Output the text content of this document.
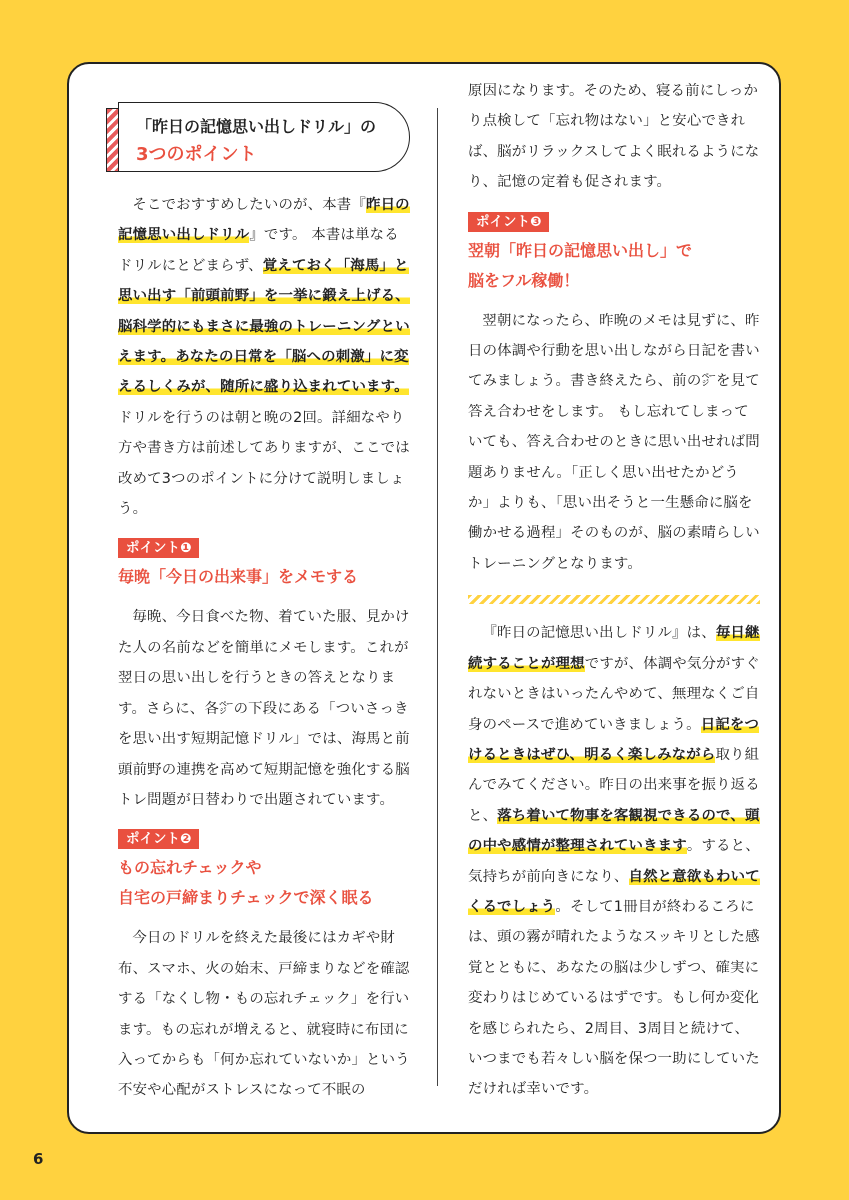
「昨日の記憶思い出しドリル」の
3つのポイント

そこでおすすめしたいのが、本書『昨日の記憶思い出しドリル』です。 本書は単なるドリルにとどまらず、覚えておく「海馬」と思い出す「前頭前野」を一挙に鍛え上げる、脳科学的にもまさに最強のトレーニングといえます。あなたの日常を「脳への刺激」に変えるしくみが、随所に盛り込まれています。ドリルを行うのは朝と晩の2回。詳細なやり方や書き方は前述してありますが、ここでは改めて3つのポイントに分けて説明しましょう。

ポイント❶
毎晩「今日の出来事」をメモする

毎晩、今日食べた物、着ていた服、見かけた人の名前などを簡単にメモします。これが翌日の思い出しを行うときの答えとなります。さらに、各㌻の下段にある「ついさっきを思い出す短期記憶ドリル」では、海馬と前頭前野の連携を高めて短期記憶を強化する脳トレ問題が日替わりで出題されています。

ポイント❷
もの忘れチェックや
自宅の戸締まりチェックで深く眠る

今日のドリルを終えた最後にはカギや財布、スマホ、火の始末、戸締まりなどを確認する「なくし物・もの忘れチェック」を行います。もの忘れが増えると、就寝時に布団に入ってからも「何か忘れていないか」という不安や心配がストレスになって不眠の

原因になります。そのため、寝る前にしっかり点検して「忘れ物はない」と安心できれば、脳がリラックスしてよく眠れるようになり、記憶の定着も促されます。

ポイント❸
翌朝「昨日の記憶思い出し」で
脳をフル稼働！

翌朝になったら、昨晩のメモは見ずに、昨日の体調や行動を思い出しながら日記を書いてみましょう。書き終えたら、前の㌻を見て答え合わせをします。 もし忘れてしまっていても、答え合わせのときに思い出せれば問題ありません。「正しく思い出せたかどうか」よりも、「思い出そうと一生懸命に脳を働かせる過程」そのものが、脳の素晴らしいトレーニングとなります。

『昨日の記憶思い出しドリル』は、毎日継続することが理想ですが、体調や気分がすぐれないときはいったんやめて、無理なくご自身のペースで進めていきましょう。日記をつけるときはぜひ、明るく楽しみながら取り組んでみてください。昨日の出来事を振り返ると、落ち着いて物事を客観視できるので、頭の中や感情が整理されていきます。すると、気持ちが前向きになり、自然と意欲もわいてくるでしょう。そして1冊目が終わるころには、頭の霧が晴れたようなスッキリとした感覚とともに、あなたの脳は少しずつ、確実に変わりはじめているはずです。もし何か変化を感じられたら、2周目、3周目と続けて、いつまでも若々しい脳を保つ一助にしていただければ幸いです。

6
